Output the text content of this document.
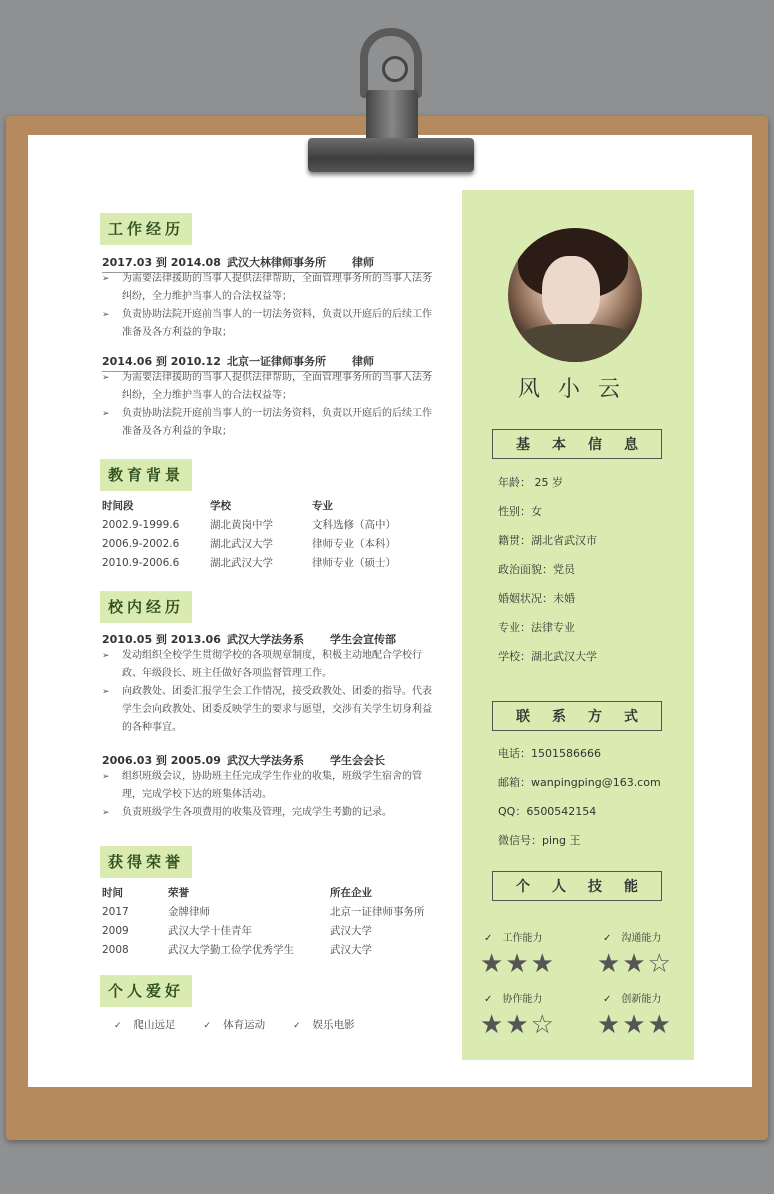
工作经历
2017.03 到 2014.08 武汉大林律师事务所 律师
➢ 为需要法律援助的当事人提供法律帮助，全面管理事务所的当事人法务纠纷，全力维护当事人的合法权益等；
➢ 负责协助法院开庭前当事人的一切法务资料，负责以开庭后的后续工作准备及各方利益的争取；
2014.06 到 2010.12 北京一证律师事务所 律师
➢ 为需要法律援助的当事人提供法律帮助，全面管理事务所的当事人法务纠纷，全力维护当事人的合法权益等；
➢ 负责协助法院开庭前当事人的一切法务资料，负责以开庭后的后续工作准备及各方利益的争取；
教育背景
时间段	学校	专业
2002.9-1999.6	湖北黄岗中学	文科选修（高中）
2006.9-2002.6	湖北武汉大学	律师专业（本科）
2010.9-2006.6	湖北武汉大学	律师专业（硕士）
校内经历
2010.05 到 2013.06 武汉大学法务系 学生会宣传部
➢ 发动组织全校学生贯彻学校的各项规章制度，积极主动地配合学校行政、年级段长、班主任做好各项监督管理工作。
➢ 向政教处、团委汇报学生会工作情况，接受政教处、团委的指导。代表学生会向政教处、团委反映学生的要求与愿望，交涉有关学生切身利益的各种事宜。
2006.03 到 2005.09 武汉大学法务系 学生会会长
➢ 组织班级会议，协助班主任完成学生作业的收集，班级学生宿舍的管理，完成学校下达的班集体活动。
➢ 负责班级学生各项费用的收集及管理，完成学生考勤的记录。
获得荣誉
时间	荣誉	所在企业
2017	金牌律师	北京一证律师事务所
2009	武汉大学十佳青年	武汉大学
2008	武汉大学勤工俭学优秀学生	武汉大学
个人爱好
✓ 爬山远足	✓ 体育运动	✓ 娱乐电影
风小云
基本信息
年龄： 25 岁
性别：女
籍贯：湖北省武汉市
政治面貌：党员
婚姻状况：未婚
专业：法律专业
学校：湖北武汉大学
联系方式
电话：1501586666
邮箱：wanpingping@163.com
QQ：6500542154
微信号：ping 王
个人技能
✓ 工作能力
★★★
✓ 沟通能力
★★☆
✓ 协作能力
★★☆
✓ 创新能力
★★★
